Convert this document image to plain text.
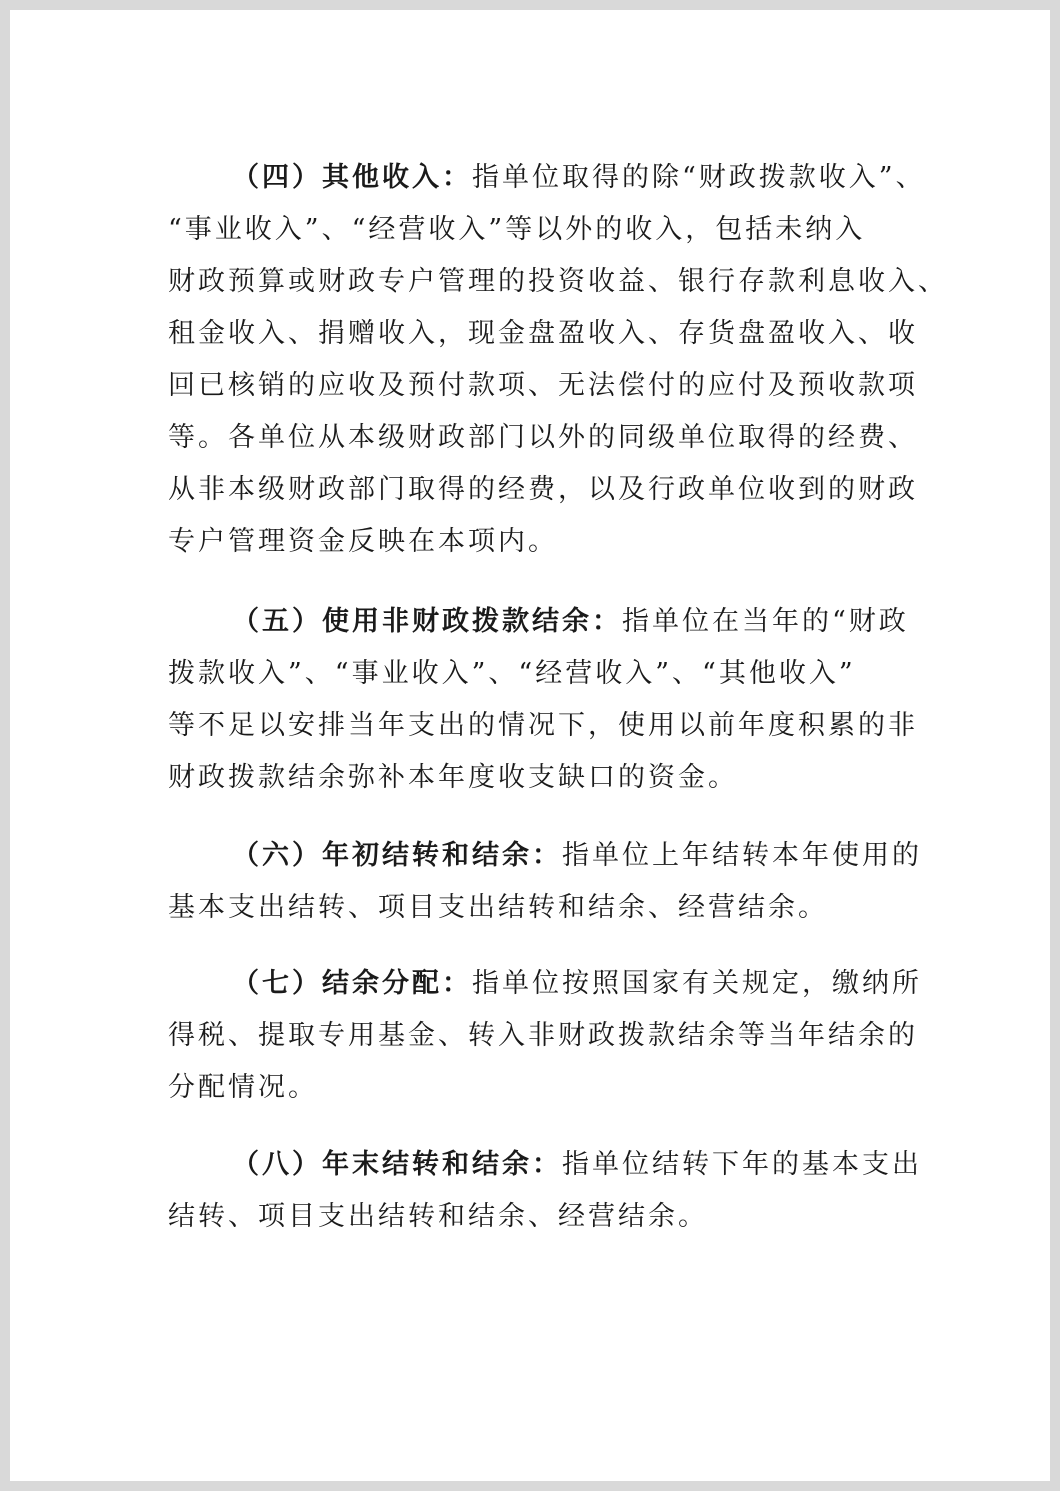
（四）其他收入：指单位取得的除“财政拨款收入”、
“事业收入”、“经营收入”等以外的收入，包括未纳入
财政预算或财政专户管理的投资收益、银行存款利息收入、
租金收入、捐赠收入，现金盘盈收入、存货盘盈收入、收
回已核销的应收及预付款项、无法偿付的应付及预收款项
等。各单位从本级财政部门以外的同级单位取得的经费、
从非本级财政部门取得的经费，以及行政单位收到的财政
专户管理资金反映在本项内。
（五）使用非财政拨款结余：指单位在当年的“财政
拨款收入”、“事业收入”、“经营收入”、“其他收入”
等不足以安排当年支出的情况下，使用以前年度积累的非
财政拨款结余弥补本年度收支缺口的资金。
（六）年初结转和结余：指单位上年结转本年使用的
基本支出结转、项目支出结转和结余、经营结余。
（七）结余分配：指单位按照国家有关规定，缴纳所
得税、提取专用基金、转入非财政拨款结余等当年结余的
分配情况。
（八）年末结转和结余：指单位结转下年的基本支出
结转、项目支出结转和结余、经营结余。
